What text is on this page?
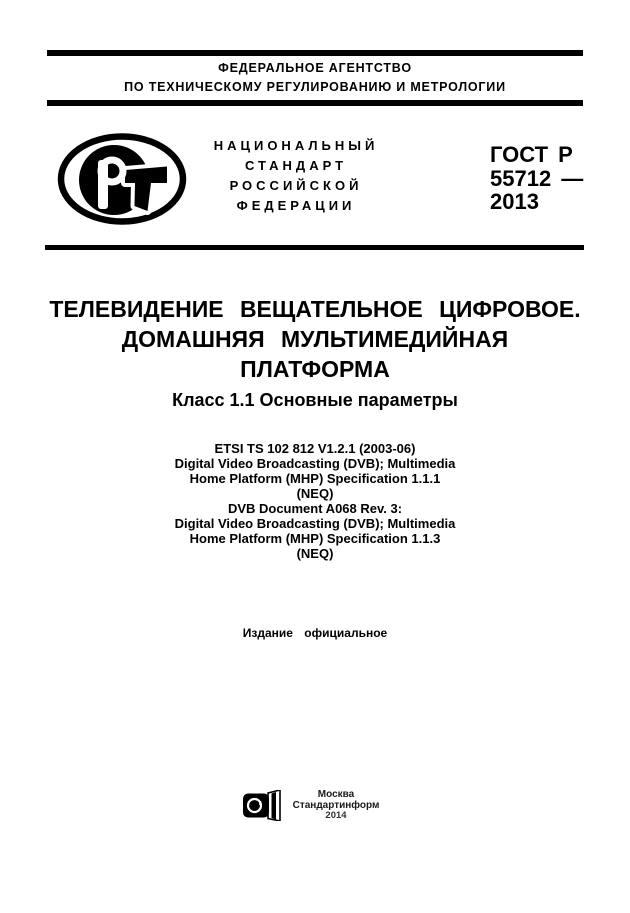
ФЕДЕРАЛЬНОЕ АГЕНТСТВО
ПО ТЕХНИЧЕСКОМУ РЕГУЛИРОВАНИЮ И МЕТРОЛОГИИ
НАЦИОНАЛЬНЫЙ
СТАНДАРТ
РОССИЙСКОЙ
ФЕДЕРАЦИИ
ГОСТ Р
55712 —
2013
ТЕЛЕВИДЕНИЕ ВЕЩАТЕЛЬНОЕ ЦИФРОВОЕ.
ДОМАШНЯЯ МУЛЬТИМЕДИЙНАЯ
ПЛАТФОРМА
Класс 1.1 Основные параметры
ETSI TS 102 812 V1.2.1 (2003-06)
Digital Video Broadcasting (DVB); Multimedia
Home Platform (MHP) Specification 1.1.1
(NEQ)
DVB Document A068 Rev. 3:
Digital Video Broadcasting (DVB); Multimedia
Home Platform (MHP) Specification 1.1.3
(NEQ)
Издание официальное
т
Москва
Стандартинформ
2014
